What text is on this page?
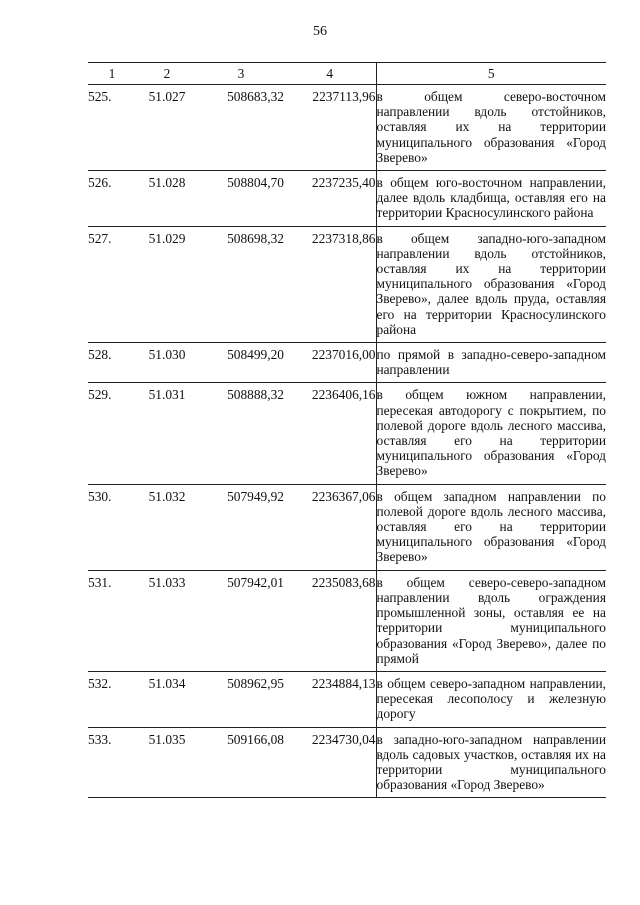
56
1	2	3	4	5
525.	51.027	508683,32	2237113,96	в общем северо-восточном направлении вдоль отстойников, оставляя их на территории муниципального образования «Город Зверево»
526.	51.028	508804,70	2237235,40	в общем юго-восточном направлении, далее вдоль кладбища, оставляя его на территории Красносулинского района
527.	51.029	508698,32	2237318,86	в общем западно-юго-западном направлении вдоль отстойников, оставляя их на территории муниципального образования «Город Зверево», далее вдоль пруда, оставляя его на территории Красносулинского района
528.	51.030	508499,20	2237016,00	по прямой в западно-северо-западном направлении
529.	51.031	508888,32	2236406,16	в общем южном направлении, пересекая автодорогу с покрытием, по полевой дороге вдоль лесного массива, оставляя его на территории муниципального образования «Город Зверево»
530.	51.032	507949,92	2236367,06	в общем западном направлении по полевой дороге вдоль лесного массива, оставляя его на территории муниципального образования «Город Зверево»
531.	51.033	507942,01	2235083,68	в общем северо-северо-западном направлении вдоль ограждения промышленной зоны, оставляя ее на территории муниципального образования «Город Зверево», далее по прямой
532.	51.034	508962,95	2234884,13	в общем северо-западном направлении, пересекая лесополосу и железную дорогу
533.	51.035	509166,08	2234730,04	в западно-юго-западном направлении вдоль садовых участков, оставляя их на территории муниципального образования «Город Зверево»
